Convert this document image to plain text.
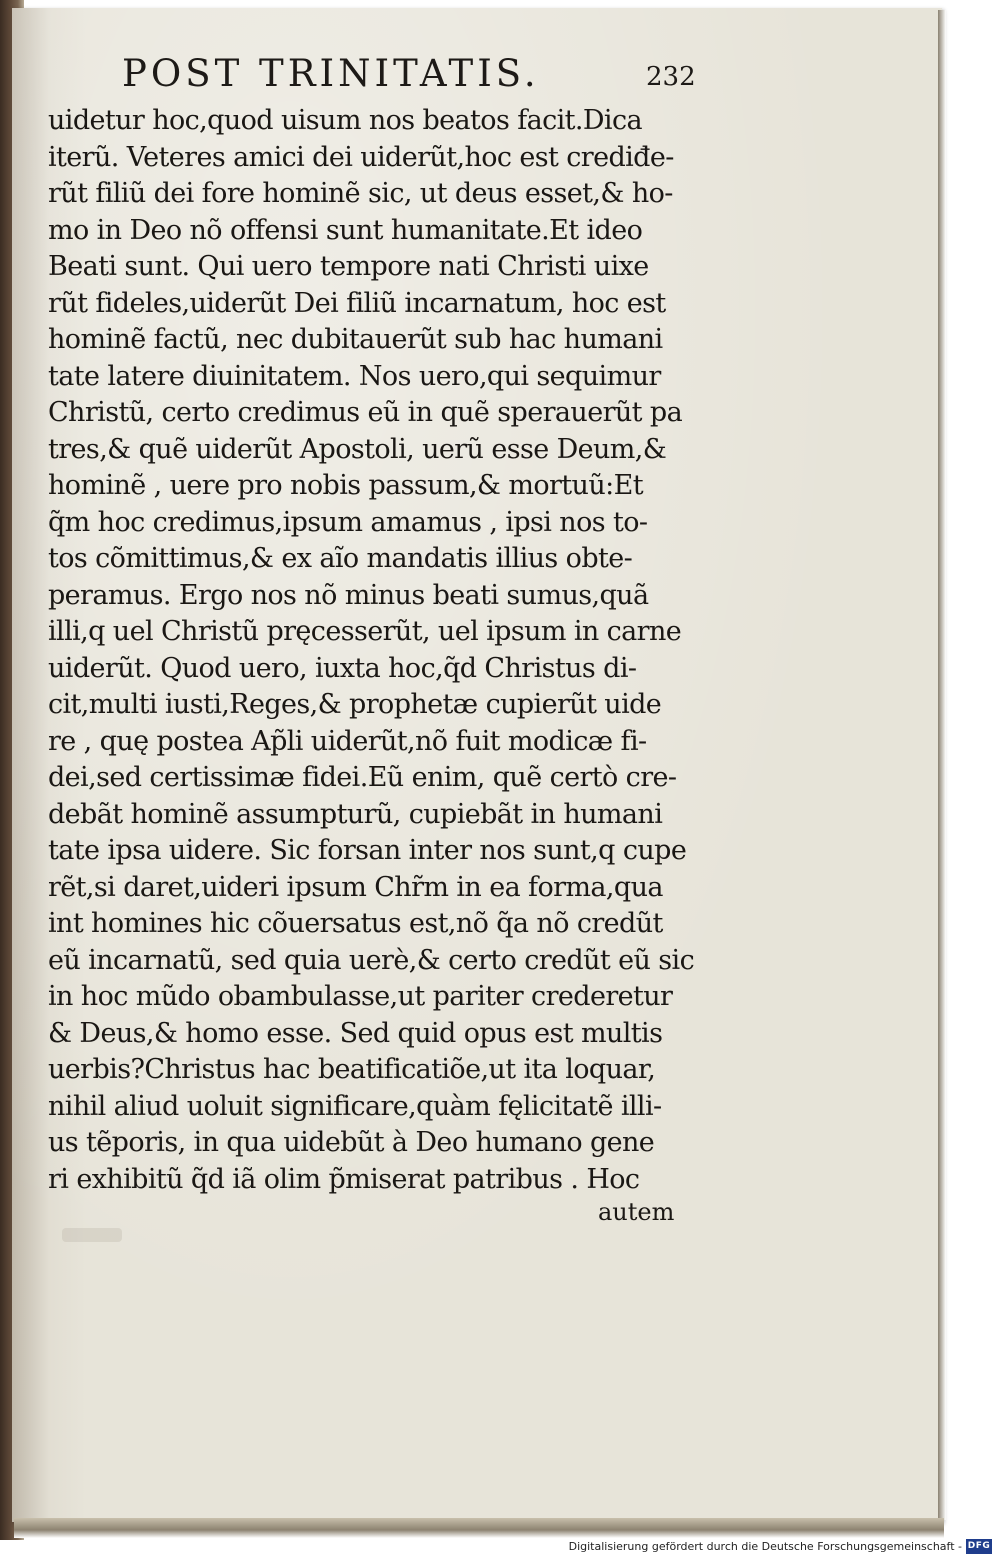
POST TRINITATIS.	232
uidetur hoc,quod uisum nos beatos facit.Dica
iterũ. Veteres amici dei uiderũt,hoc est crediđe-
rũt filiũ dei fore hominẽ sic, ut deus esset,& ho-
mo in Deo nõ offensi sunt humanitate.Et ideo
Beati sunt. Qui uero tempore nati Christi uixe
rũt fideles,uiderũt Dei filiũ incarnatum, hoc est
hominẽ factũ, nec dubitauerũt sub hac humani
tate latere diuinitatem. Nos uero,qui sequimur
Christũ, certo credimus eũ in quẽ sperauerũt pa
tres,& quẽ uiderũt Apostoli, uerũ esse Deum,&
hominẽ , uere pro nobis passum,& mortuũ:Et
q̃m hoc credimus,ipsum amamus , ipsi nos to-
tos cõmittimus,& ex aĩo mandatis illius obte-
peramus. Ergo nos nõ minus beati sumus,quã
illi,q uel Christũ pręcesserũt, uel ipsum in carne
uiderũt. Quod uero, iuxta hoc,q̃d Christus di-
cit,multi iusti,Reges,& prophetæ cupierũt uide
re , quę postea Ap̃li uiderũt,nõ fuit modicæ fi-
dei,sed certissimæ fidei.Eũ enim, quẽ certò cre-
debãt hominẽ assumpturũ, cupiebãt in humani
tate ipsa uidere. Sic forsan inter nos sunt,q cupe
rẽt,si daret,uideri ipsum Chr̃m in ea forma,qua
int homines hic cõuersatus est,nõ q̃a nõ credũt
eũ incarnatũ, sed quia uerè,& certo credũt eũ sic
in hoc mũdo obambulasse,ut pariter crederetur
& Deus,& homo esse. Sed quid opus est multis
uerbis?Christus hac beatificatiõe,ut ita loquar,
nihil aliud uoluit significare,quàm fęlicitatẽ illi-
us tẽporis, in qua uidebũt à Deo humano gene
ri exhibitũ q̃d iã olim p̃miserat patribus . Hoc
autem
Digitalisierung gefördert durch die Deutsche Forschungsgemeinschaft - DFG
